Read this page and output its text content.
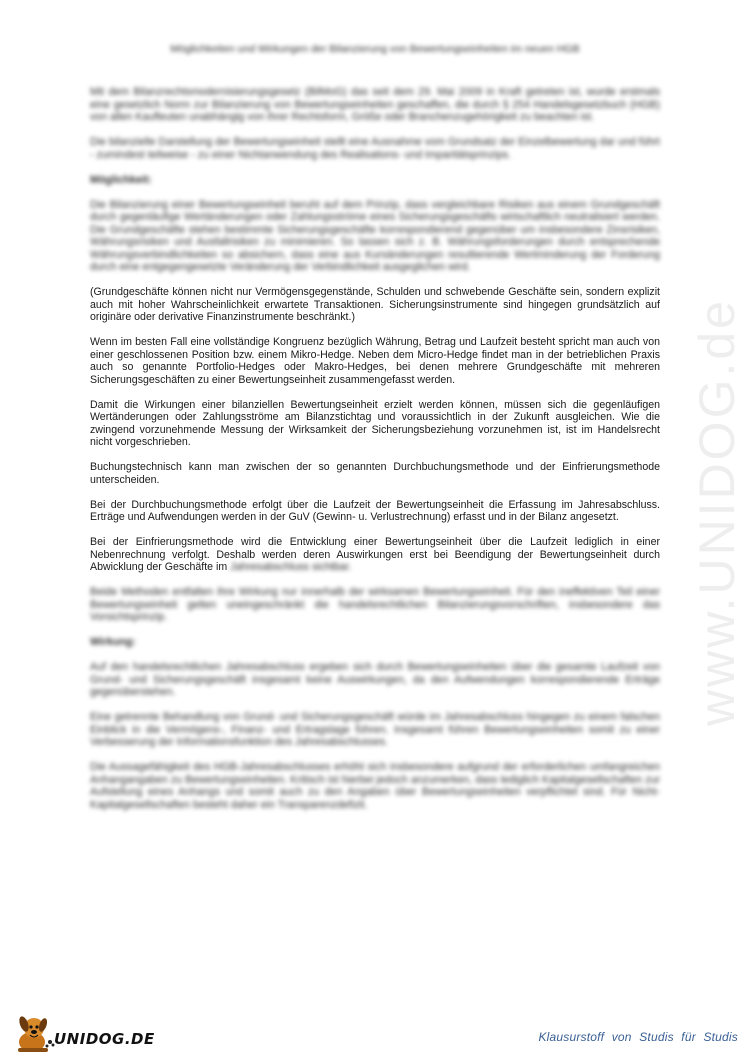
Möglichkeiten und Wirkungen der Bilanzierung von Bewertungseinheiten im neuen HGB

Mit dem Bilanzrechtsmodernisierungsgesetz (BilMoG) das seit dem 29. Mai 2009 in Kraft getreten ist, wurde erstmals eine gesetzlich Norm zur Bilanzierung von Bewertungseinheiten geschaffen, die durch § 254 Handelsgesetzbuch (HGB) von allen Kaufleuten unabhängig von ihrer Rechtsform, Größe oder Branchenzugehörigkeit zu beachten ist.

Die bilanzielle Darstellung der Bewertungseinheit stellt eine Ausnahme vom Grundsatz der Einzelbewertung dar und führt - zumindest teilweise - zu einer Nichtanwendung des Realisations- und Imparitätsprinzips.

Möglichkeit:

Die Bilanzierung einer Bewertungseinheit beruht auf dem Prinzip, dass vergleichbare Risiken aus einem Grundgeschäft durch gegenläufige Wertänderungen oder Zahlungsströme eines Sicherungsgeschäfts wirtschaftlich neutralisiert werden. Die Grundgeschäfte stehen bestimmte Sicherungsgeschäfte korrespondierend gegenüber um insbesondere Zinsrisiken, Währungsrisiken und Ausfallrisiken zu minimieren. So lassen sich z. B. Währungsforderungen durch entsprechende Währungsverbindlichkeiten so absichern, dass eine aus Kursänderungen resultierende Wertminderung der Forderung durch eine entgegengesetzte Veränderung der Verbindlichkeit ausgeglichen wird.

(Grundgeschäfte können nicht nur Vermögensgegenstände, Schulden und schwebende Geschäfte sein, sondern explizit auch mit hoher Wahrscheinlichkeit erwartete Transaktionen. Sicherungsinstrumente sind hingegen grundsätzlich auf originäre oder derivative Finanzinstrumente beschränkt.)

Wenn im besten Fall eine vollständige Kongruenz bezüglich Währung, Betrag und Laufzeit besteht spricht man auch von einer geschlossenen Position bzw. einem Mikro-Hedge. Neben dem Micro-Hedge findet man in der betrieblichen Praxis auch so genannte Portfolio-Hedges oder Makro-Hedges, bei denen mehrere Grundgeschäfte mit mehreren Sicherungsgeschäften zu einer Bewertungseinheit zusammengefasst werden.

Damit die Wirkungen einer bilanziellen Bewertungseinheit erzielt werden können, müssen sich die gegenläufigen Wertänderungen oder Zahlungsströme am Bilanzstichtag und voraussichtlich in der Zukunft ausgleichen. Wie die zwingend vorzunehmende Messung der Wirksamkeit der Sicherungsbeziehung vorzunehmen ist, ist im Handelsrecht nicht vorgeschrieben.

Buchungstechnisch kann man zwischen der so genannten Durchbuchungsmethode und der Einfrierungsmethode unterscheiden.

Bei der Durchbuchungsmethode erfolgt über die Laufzeit der Bewertungseinheit die Erfassung im Jahresabschluss. Erträge und Aufwendungen werden in der GuV (Gewinn- u. Verlustrechnung) erfasst und in der Bilanz angesetzt.

Bei der Einfrierungsmethode wird die Entwicklung einer Bewertungseinheit über die Laufzeit lediglich in einer Nebenrechnung verfolgt. Deshalb werden deren Auswirkungen erst bei Beendigung der Bewertungseinheit durch Abwicklung der Geschäfte im Jahresabschluss sichtbar.

Beide Methoden entfalten ihre Wirkung nur innerhalb der wirksamen Bewertungseinheit. Für den ineffektiven Teil einer Bewertungseinheit gelten uneingeschränkt die handelsrechtlichen Bilanzierungsvorschriften, insbesondere das Vorsichtsprinzip.

Wirkung:

Auf den handelsrechtlichen Jahresabschluss ergeben sich durch Bewertungseinheiten über die gesamte Laufzeit von Grund- und Sicherungsgeschäft insgesamt keine Auswirkungen, da den Aufwendungen korrespondierende Erträge gegenüberstehen.

Eine getrennte Behandlung von Grund- und Sicherungsgeschäft würde im Jahresabschluss hingegen zu einem falschen Einblick in die Vermögens-, Finanz- und Ertragslage führen. Insgesamt führen Bewertungseinheiten somit zu einer Verbesserung der Informationsfunktion des Jahresabschlusses.

Die Aussagefähigkeit des HGB-Jahresabschlusses erhöht sich insbesondere aufgrund der erforderlichen umfangreichen Anhangangaben zu Bewertungseinheiten. Kritisch ist hierbei jedoch anzumerken, dass lediglich Kapitalgesellschaften zur Aufstellung eines Anhangs und somit auch zu den Angaben über Bewertungseinheiten verpflichtet sind. Für Nicht-Kapitalgesellschaften besteht daher ein Transparenzdefizit.

www.UNIDOG.de
UNIDOG.DE	Klausurstoff von Studis für Studis
